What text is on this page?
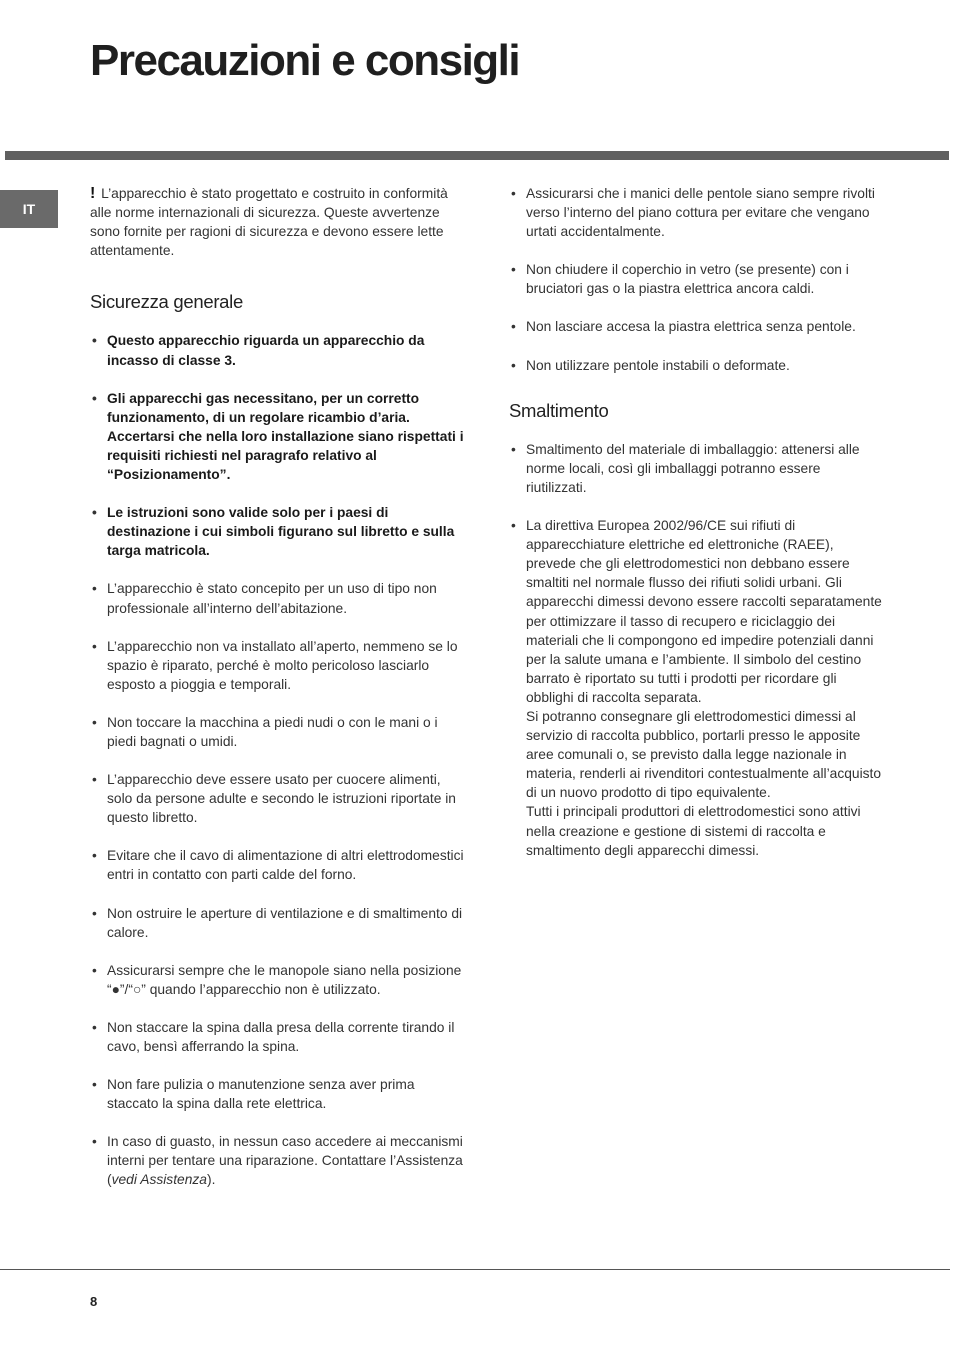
Precauzioni e consigli
IT

! L’apparecchio è stato progettato e costruito in conformità alle norme internazionali di sicurezza. Queste avvertenze sono fornite per ragioni di sicurezza e devono essere lette attentamente.

Sicurezza generale
• Questo apparecchio riguarda un apparecchio da incasso di classe 3.
• Gli apparecchi gas necessitano, per un corretto funzionamento, di un regolare ricambio d’aria. Accertarsi che nella loro installazione siano rispettati i requisiti richiesti nel paragrafo relativo al “Posizionamento”.
• Le istruzioni sono valide solo per i paesi di destinazione i cui simboli figurano sul libretto e sulla targa matricola.
• L’apparecchio è stato concepito per un uso di tipo non professionale all’interno dell’abitazione.
• L’apparecchio non va installato all’aperto, nemmeno se lo spazio è riparato, perché è molto pericoloso lasciarlo esposto a pioggia e temporali.
• Non toccare la macchina a piedi nudi o con le mani o i piedi bagnati o umidi.
• L’apparecchio deve essere usato per cuocere alimenti, solo da persone adulte e secondo le istruzioni riportate in questo libretto.
• Evitare che il cavo di alimentazione di altri elettrodomestici entri in contatto con parti calde del forno.
• Non ostruire le aperture di ventilazione e di smaltimento di calore.
• Assicurarsi sempre che le manopole siano nella posizione “●”/“○” quando l’apparecchio non è utilizzato.
• Non staccare la spina dalla presa della corrente tirando il cavo, bensì afferrando la spina.
• Non fare pulizia o manutenzione senza aver prima staccato la spina dalla rete elettrica.
• In caso di guasto, in nessun caso accedere ai meccanismi interni per tentare una riparazione. Contattare l’Assistenza (vedi Assistenza).
• Assicurarsi che i manici delle pentole siano sempre rivolti verso l’interno del piano cottura per evitare che vengano urtati accidentalmente.
• Non chiudere il coperchio in vetro (se presente) con i bruciatori gas o la piastra elettrica ancora caldi.
• Non lasciare accesa la piastra elettrica senza pentole.
• Non utilizzare pentole instabili o deformate.
Smaltimento
• Smaltimento del materiale di imballaggio: attenersi alle norme locali, così gli imballaggi potranno essere riutilizzati.
• La direttiva Europea 2002/96/CE sui rifiuti di apparecchiature elettriche ed elettroniche (RAEE), prevede che gli elettrodomestici non debbano essere smaltiti nel normale flusso dei rifiuti solidi urbani. Gli apparecchi dimessi devono essere raccolti separatamente per ottimizzare il tasso di recupero e riciclaggio dei materiali che li compongono ed impedire potenziali danni per la salute umana e l’ambiente. Il simbolo del cestino barrato è riportato su tutti i prodotti per ricordare gli obblighi di raccolta separata.
Si potranno consegnare gli elettrodomestici dimessi al servizio di raccolta pubblico, portarli presso le apposite aree comunali o, se previsto dalla legge nazionale in materia, renderli ai rivenditori contestualmente all’acquisto di un nuovo prodotto di tipo equivalente.
Tutti i principali produttori di elettrodomestici sono attivi nella creazione e gestione di sistemi di raccolta e smaltimento degli apparecchi dimessi.
8
